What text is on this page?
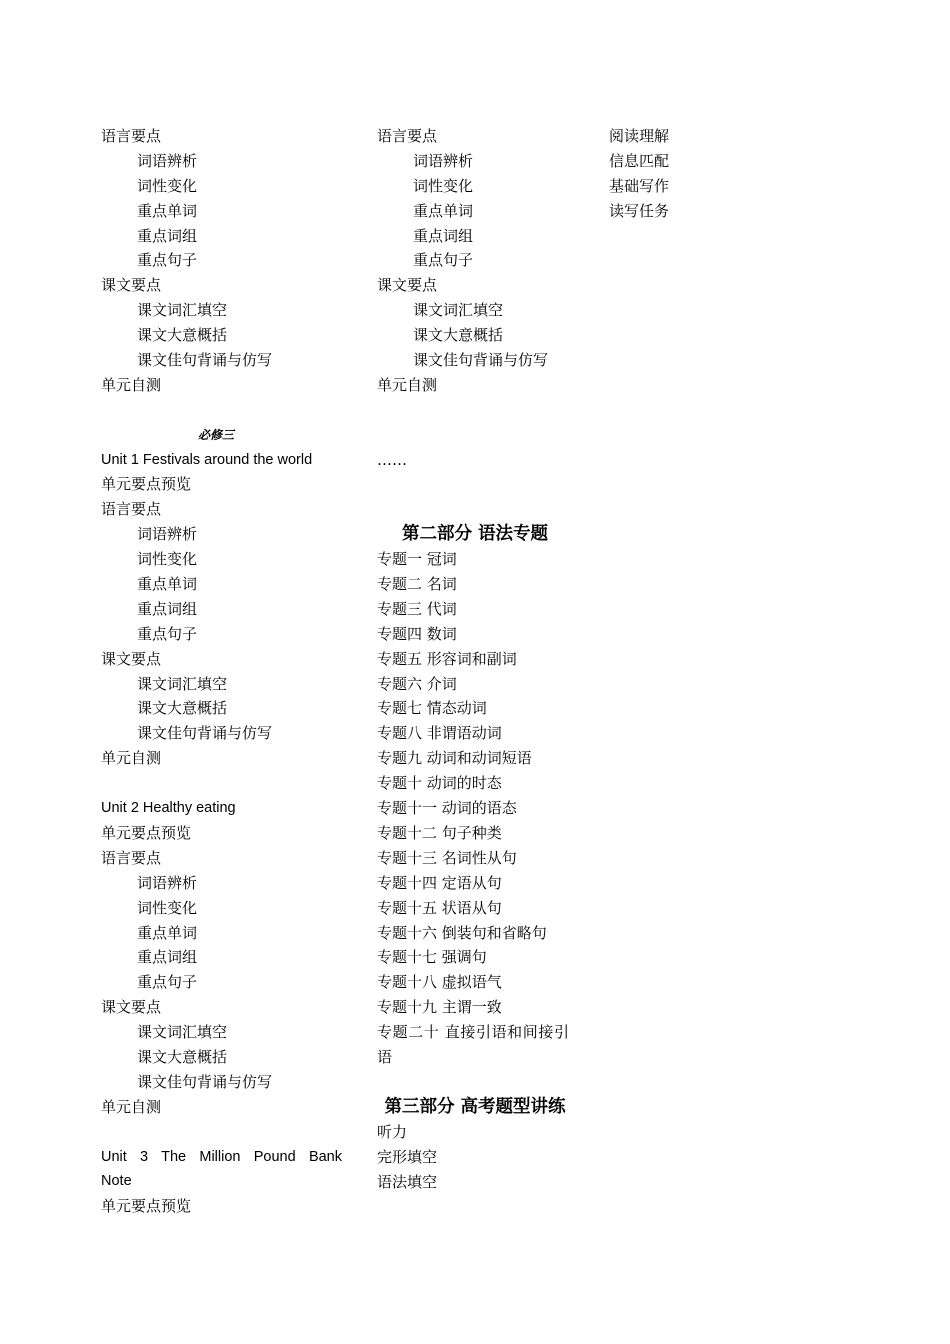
语言要点
词语辨析
词性变化
重点单词
重点词组
重点句子
课文要点
课文词汇填空
课文大意概括
课文佳句背诵与仿写
单元自测
必修三
Unit 1 Festivals around the world
单元要点预览
语言要点
词语辨析
词性变化
重点单词
重点词组
重点句子
课文要点
课文词汇填空
课文大意概括
课文佳句背诵与仿写
单元自测
Unit 2 Healthy eating
单元要点预览
语言要点
词语辨析
词性变化
重点单词
重点词组
重点句子
课文要点
课文词汇填空
课文大意概括
课文佳句背诵与仿写
单元自测
Unit 3 The Million Pound Bank
Note
单元要点预览
语言要点
词语辨析
词性变化
重点单词
重点词组
重点句子
课文要点
课文词汇填空
课文大意概括
课文佳句背诵与仿写
单元自测
……
第二部分 语法专题
专题一 冠词
专题二 名词
专题三 代词
专题四 数词
专题五 形容词和副词
专题六 介词
专题七 情态动词
专题八 非谓语动词
专题九 动词和动词短语
专题十 动词的时态
专题十一 动词的语态
专题十二 句子种类
专题十三 名词性从句
专题十四 定语从句
专题十五 状语从句
专题十六 倒装句和省略句
专题十七 强调句
专题十八 虚拟语气
专题十九 主谓一致
专题二十 直接引语和间接引语
第三部分 高考题型讲练
听力
完形填空
语法填空
阅读理解
信息匹配
基础写作
读写任务
